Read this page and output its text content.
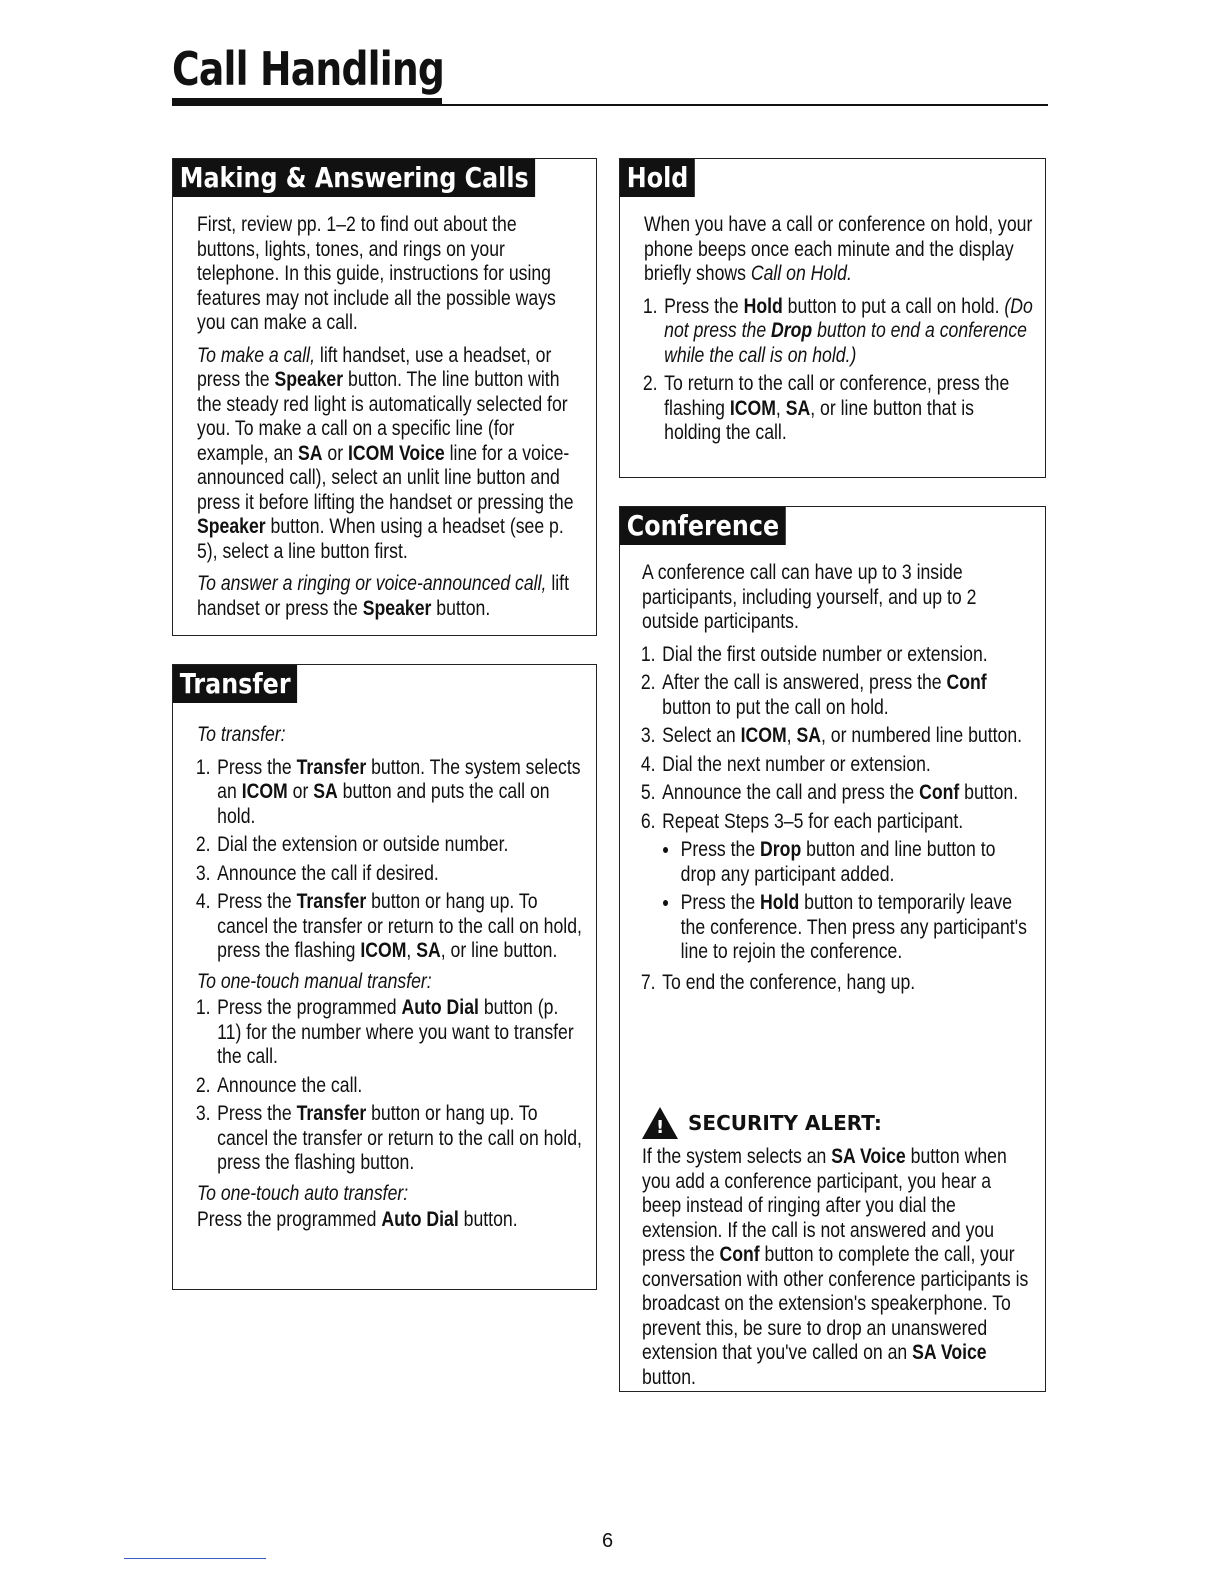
Call Handling
Making & Answering Calls

First, review pp. 1–2 to find out about the buttons, lights, tones, and rings on your telephone. In this guide, instructions for using features may not include all the possible ways you can make a call.

To make a call, lift handset, use a headset, or press the Speaker button. The line button with the steady red light is automatically selected for you. To make a call on a specific line (for example, an SA or ICOM Voice line for a voice-announced call), select an unlit line button and press it before lifting the handset or pressing the Speaker button. When using a headset (see p. 5), select a line button first.

To answer a ringing or voice-announced call, lift handset or press the Speaker button.

Transfer

To transfer:

1. Press the Transfer button. The system selects an ICOM or SA button and puts the call on hold.
2. Dial the extension or outside number.
3. Announce the call if desired.
4. Press the Transfer button or hang up. To cancel the transfer or return to the call on hold, press the flashing ICOM, SA, or line button.

To one-touch manual transfer:

1. Press the programmed Auto Dial button (p. 11) for the number where you want to transfer the call.
2. Announce the call.
3. Press the Transfer button or hang up. To cancel the transfer or return to the call on hold, press the flashing button.

To one-touch auto transfer:

Press the programmed Auto Dial button.

Hold

When you have a call or conference on hold, your phone beeps once each minute and the display briefly shows Call on Hold.

1. Press the Hold button to put a call on hold. (Do not press the Drop button to end a conference while the call is on hold.)
2. To return to the call or conference, press the flashing ICOM, SA, or line button that is holding the call.
Conference

A conference call can have up to 3 inside participants, including yourself, and up to 2 outside participants.

1. Dial the first outside number or extension.
2. After the call is answered, press the Conf button to put the call on hold.
3. Select an ICOM, SA, or numbered line button.
4. Dial the next number or extension.
5. Announce the call and press the Conf button.
6. Repeat Steps 3–5 for each participant.
• Press the Drop button and line button to drop any participant added.
• Press the Hold button to temporarily leave the conference. Then press any participant's line to rejoin the conference.
7. To end the conference, hang up.
!
SECURITY ALERT:

If the system selects an SA Voice button when you add a conference participant, you hear a beep instead of ringing after you dial the extension. If the call is not answered and you press the Conf button to complete the call, your conversation with other conference participants is broadcast on the extension's speakerphone. To prevent this, be sure to drop an unanswered extension that you've called on an SA Voice button.

6
